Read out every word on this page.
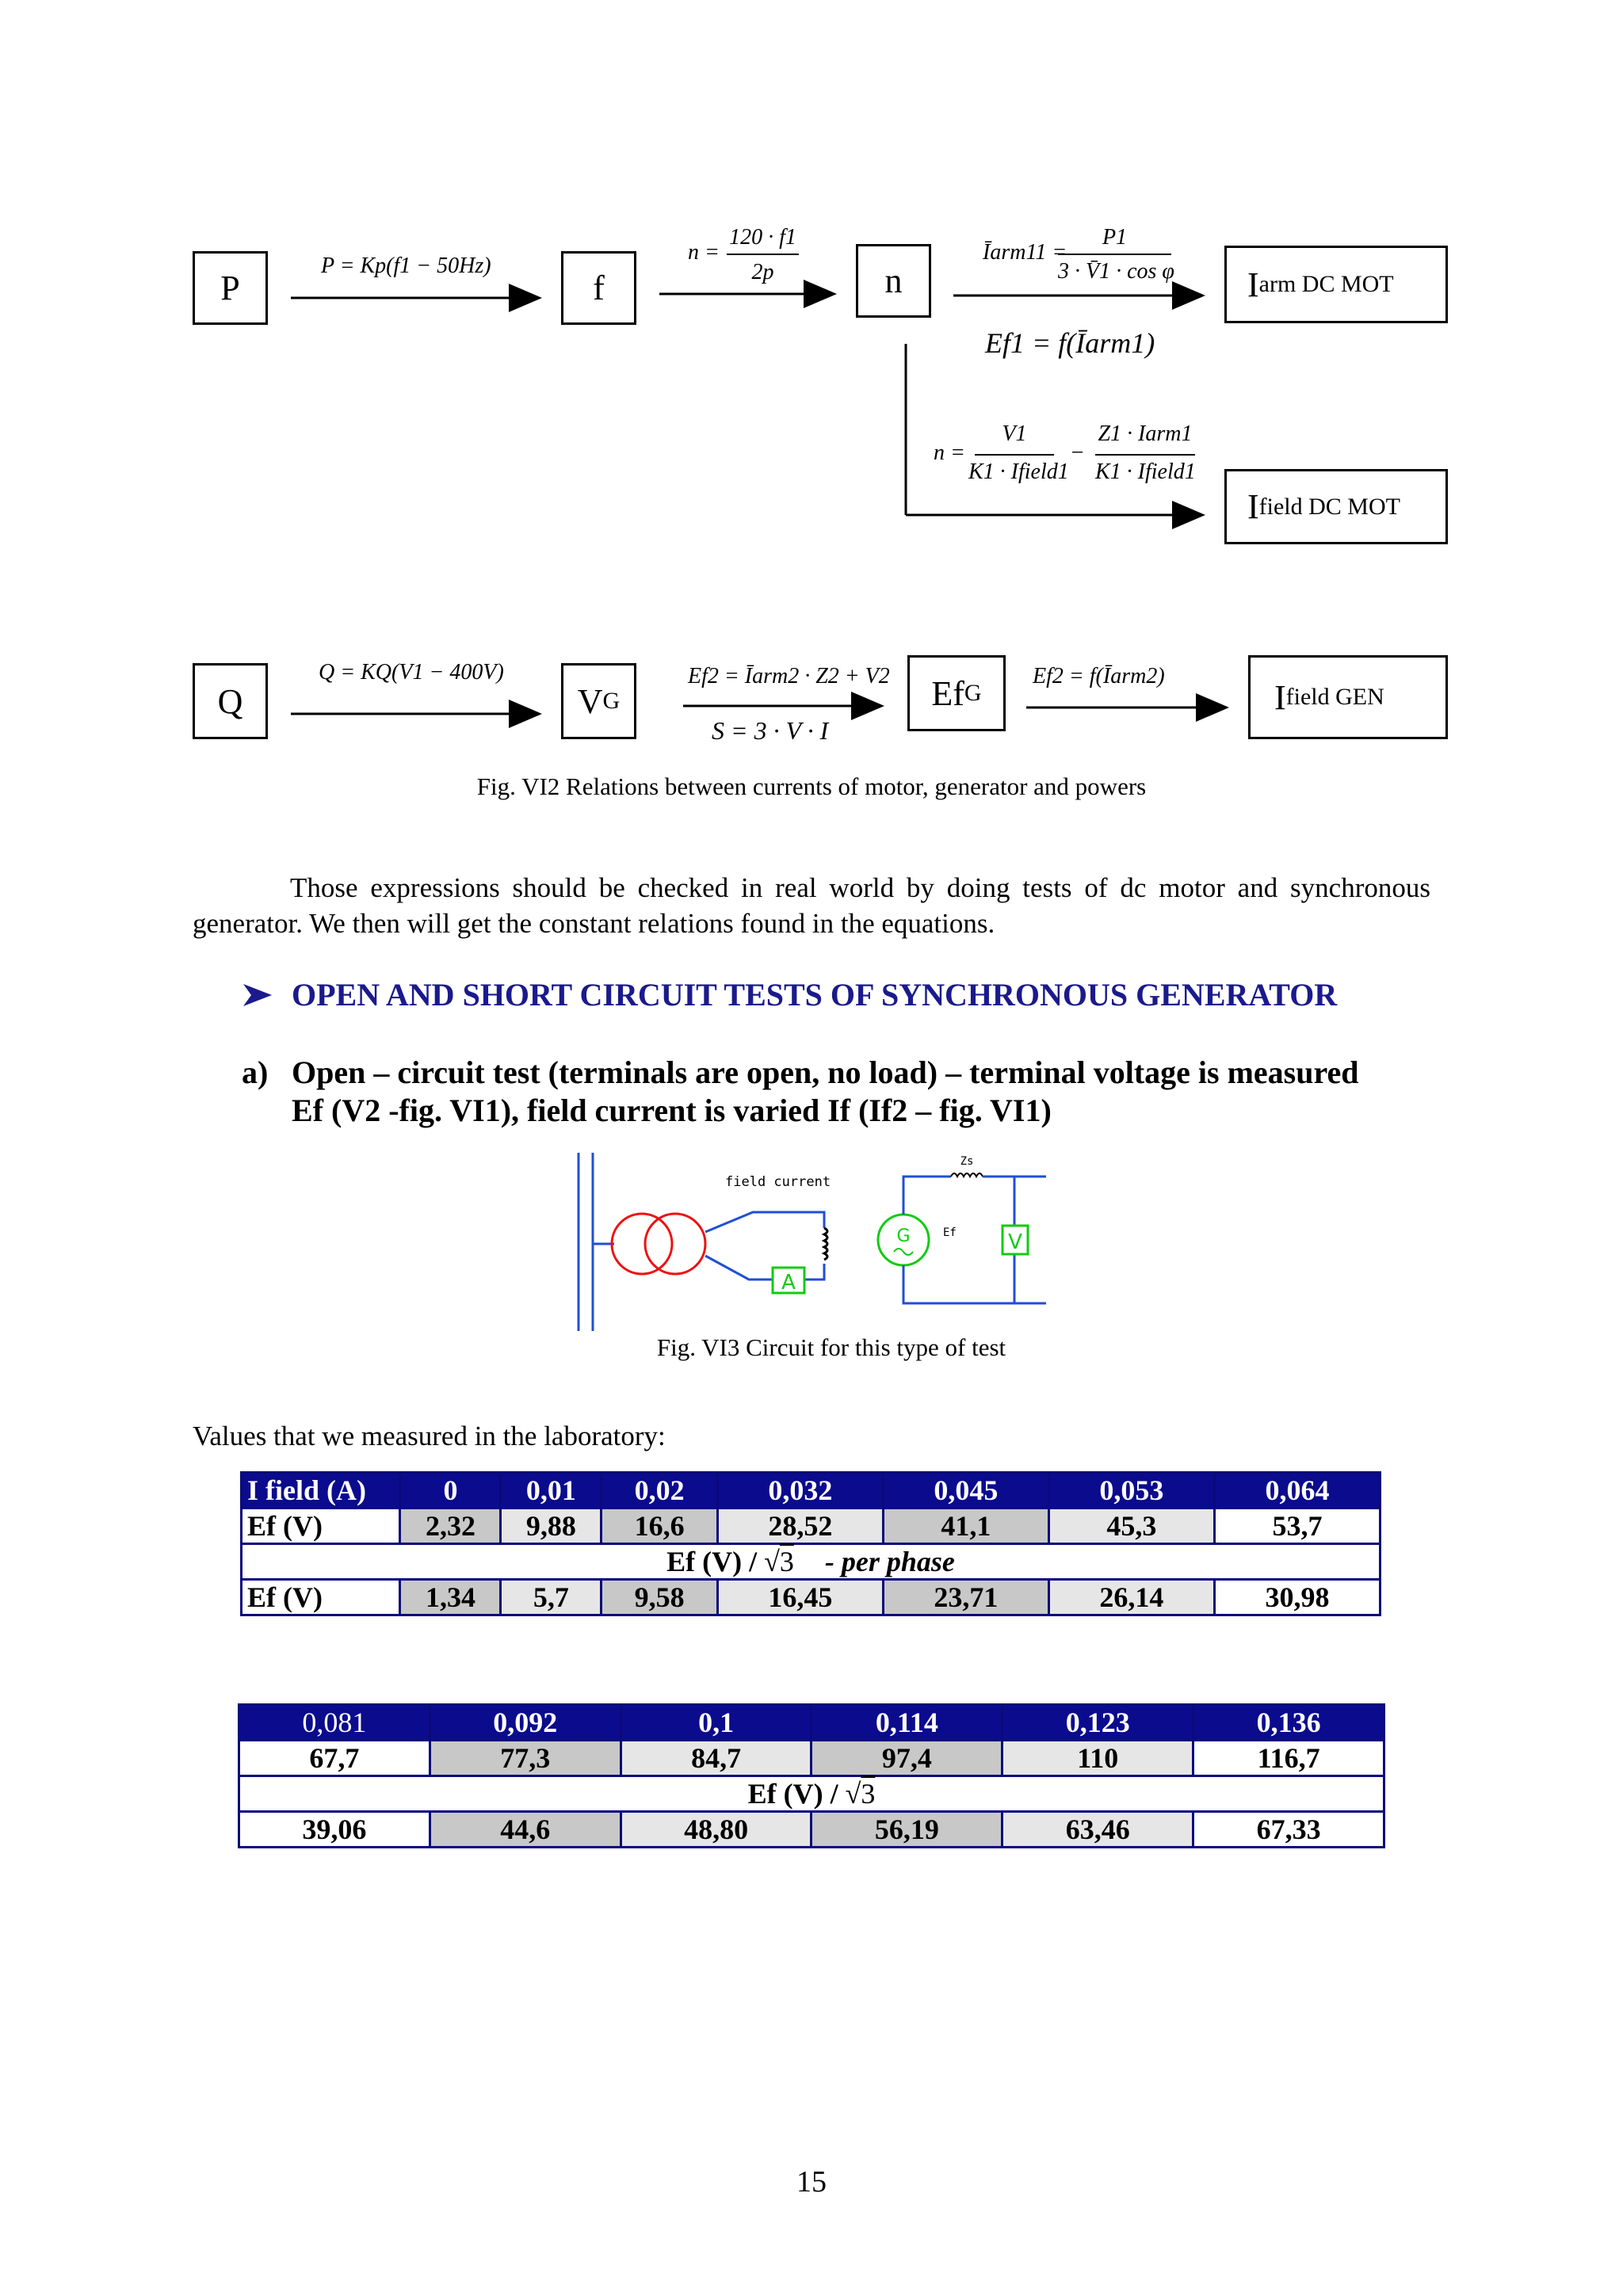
P	f	n	I arm DC MOT
I field DC MOT
P = Kp(f1 − 50Hz)
n =
120 · f1
2p
Īarm11 =
P1
3 · V̄1 · cos φ
Ef1 = f(Īarm1)
n =
V1
K1 · Ifield1
−
Z1 · Iarm1
K1 · Ifield1
Q	V G	Ef G	I field GEN
Q = KQ(V1 − 400V)	Ef2 = Īarm2 · Z2 + V2
S = 3 · V · I
Ef2 = f(Īarm2)
Fig. VI2 Relations between currents of motor, generator and powers
Those expressions should be checked in real world by doing tests of dc motor and synchronous generator. We then will get the constant relations found in the equations.
OPEN AND SHORT CIRCUIT TESTS OF SYNCHRONOUS GENERATOR
a) Open – circuit test (terminals are open, no load) – terminal voltage is measured
Ef (V2 -fig. VI1), field current is varied If (If2 – fig. VI1)
A
field current
G	Ef
Zs
V
Fig. VI3 Circuit for this type of test
Values that we measured in the laboratory:
I field (A)	0	0,01	0,02	0,032	0,045	0,053	0,064
Ef (V)	2,32	9,88	16,6	28,52	41,1	45,3	53,7
Ef (V) / √3 - per phase							
Ef (V)	1,34	5,7	9,58	16,45	23,71	26,14	30,98
0,081	0,092	0,1	0,114	0,123	0,136
67,7	77,3	84,7	97,4	110	116,7
Ef (V) / √3					
39,06	44,6	48,80	56,19	63,46	67,33
15
